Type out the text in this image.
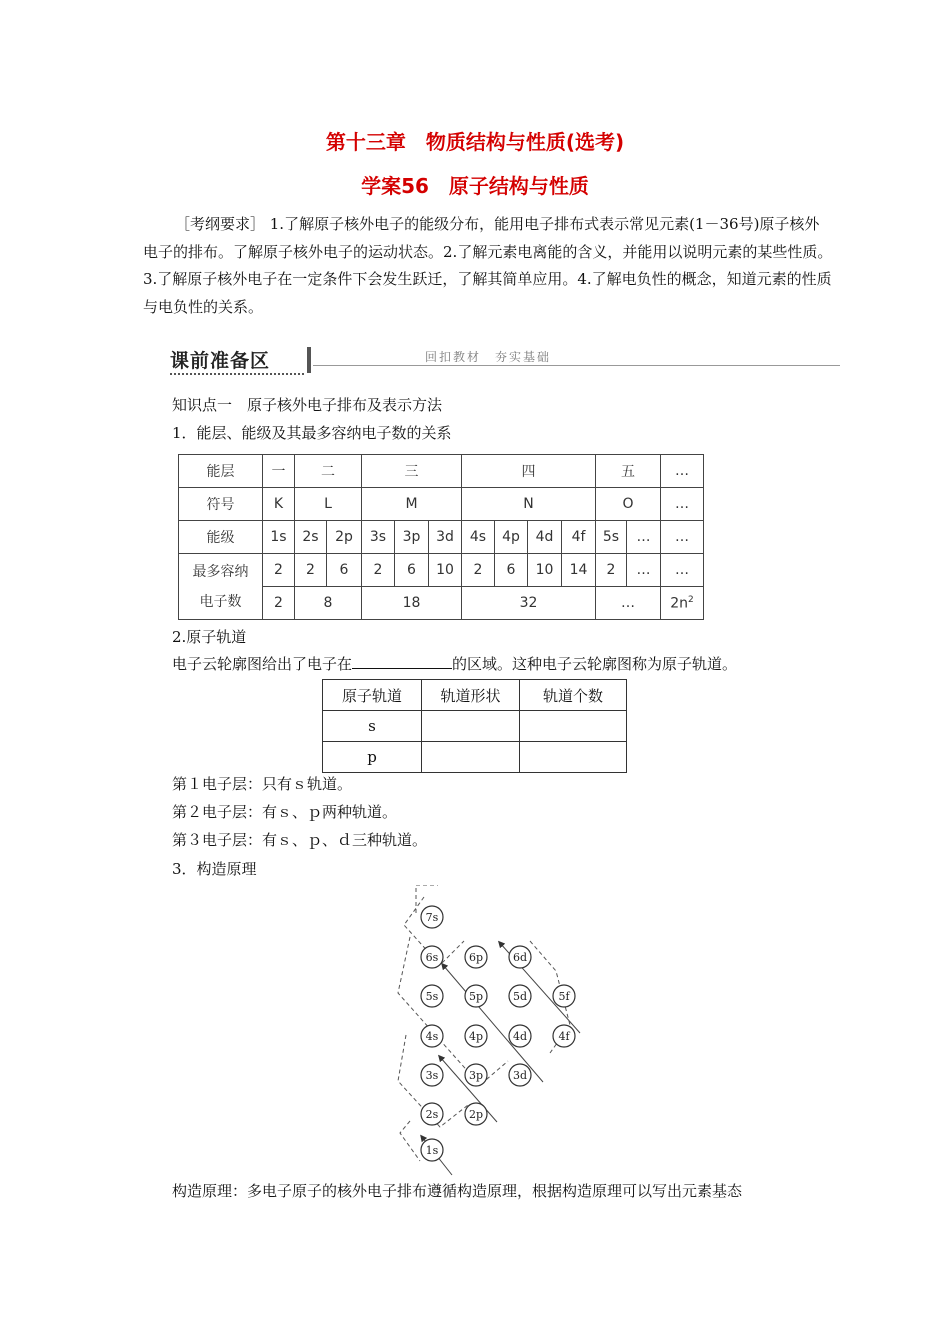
第十三章　物质结构与性质(选考)
学案56　原子结构与性质
［考纲要求］ 1.了解原子核外电子的能级分布，能用电子排布式表示常见元素(1－36号)原子核外电子的排布。了解原子核外电子的运动状态。2.了解元素电离能的含义，并能用以说明元素的某些性质。3.了解原子核外电子在一定条件下会发生跃迁，了解其简单应用。4.了解电负性的概念，知道元素的性质与电负性的关系。
课前准备区	回扣教材　夯实基础
知识点一　原子核外电子排布及表示方法
1．能层、能级及其最多容纳电子数的关系
能层	一	二		三			四				五		…
符号	K	L		M			N				O		…
能级	1s	2s	2p	3s	3p	3d	4s	4p	4d	4f	5s	…	…

最多容纳
电子数	2	2	6	2	6	10	2	6	10	14	2	…	…
	2	8		18			32				…		$2n^2$
2.原子轨道
电子云轮廓图给出了电子在	的区域。这种电子云轮廓图称为原子轨道。
原子轨道	轨道形状	轨道个数
s		
p		
第１电子层：只有ｓ轨道。
第２电子层：有ｓ、ｐ两种轨道。
第３电子层：有ｓ、ｐ、ｄ三种轨道。
3．构造原理
7s
6s	6p	6d
5s	5p	5d	5f
4s	4p	4d	4f
3s	3p	3d
2s	2p
1s
构造原理：多电子原子的核外电子排布遵循构造原理，根据构造原理可以写出元素基态
